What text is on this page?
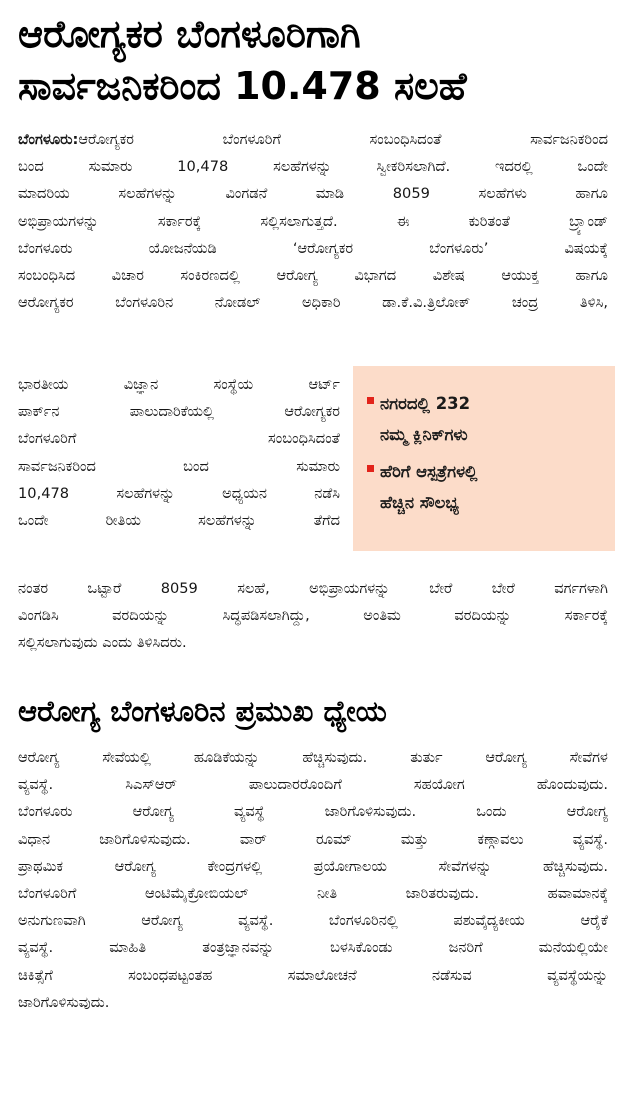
ಆರೋಗ್ಯಕರ ಬೆಂಗಳೂರಿಗಾಗಿ
ಸಾರ್ವಜನಿಕರಿಂದ 10.478 ಸಲಹೆ

ಬೆಂಗಳೂರು:ಆರೋಗ್ಯಕರ ಬೆಂಗಳೂರಿಗೆ ಸಂಬಂಧಿಸಿದಂತೆ ಸಾರ್ವಜನಿಕರಿಂದ

ಬಂದ ಸುಮಾರು 10,478 ಸಲಹೆಗಳನ್ನು ಸ್ವೀಕರಿಸಲಾಗಿದೆ. ಇದರಲ್ಲಿ ಒಂದೇ

ಮಾದರಿಯ ಸಲಹೆಗಳನ್ನು ವಿಂಗಡನೆ ಮಾಡಿ 8059 ಸಲಹೆಗಳು ಹಾಗೂ

ಅಭಿಪ್ರಾಯಗಳನ್ನು ಸರ್ಕಾರಕ್ಕೆ ಸಲ್ಲಿಸಲಾಗುತ್ತದೆ. ಈ ಕುರಿತಂತೆ ಬ್ರ್ಯಾಂಡ್

ಬೆಂಗಳೂರು ಯೋಜನೆಯಡಿ ‘ಆರೋಗ್ಯಕರ ಬೆಂಗಳೂರು’ ವಿಷಯಕ್ಕೆ

ಸಂಬಂಧಿಸಿದ ವಿಚಾರ ಸಂಕಿರಣದಲ್ಲಿ ಆರೋಗ್ಯ ವಿಭಾಗದ ವಿಶೇಷ ಆಯುಕ್ತ ಹಾಗೂ

ಆರೋಗ್ಯಕರ ಬೆಂಗಳೂರಿನ ನೋಡಲ್ ಅಧಿಕಾರಿ ಡಾ.ಕೆ.ವಿ.ತ್ರಿಲೋಕ್ ಚಂದ್ರ ತಿಳಿಸಿ,

ಭಾರತೀಯ ವಿಜ್ಞಾನ ಸಂಸ್ಥೆಯ ಆರ್ಟ್

ಪಾರ್ಕ್‌ನ ಪಾಲುದಾರಿಕೆಯಲ್ಲಿ ಆರೋಗ್ಯಕರ

ಬೆಂಗಳೂರಿಗೆ ಸಂಬಂಧಿಸಿದಂತೆ

ಸಾರ್ವಜನಿಕರಿಂದ ಬಂದ ಸುಮಾರು

10,478 ಸಲಹೆಗಳನ್ನು ಅಧ್ಯಯನ ನಡೆಸಿ

ಒಂದೇ ರೀತಿಯ ಸಲಹೆಗಳನ್ನು ತೆಗೆದ

ನಗರದಲ್ಲಿ 232
ನಮ್ಮ ಕ್ಲಿನಿಕ್‌ಗಳು
ಹೆರಿಗೆ ಆಸ್ಪತ್ರೆಗಳಲ್ಲಿ
ಹೆಚ್ಚಿನ ಸೌಲಭ್ಯ

ನಂತರ ಒಟ್ಟಾರೆ 8059 ಸಲಹೆ, ಅಭಿಪ್ರಾಯಗಳನ್ನು ಬೇರೆ ಬೇರೆ ವರ್ಗಗಳಾಗಿ

ವಿಂಗಡಿಸಿ ವರದಿಯನ್ನು ಸಿದ್ಧಪಡಿಸಲಾಗಿದ್ದು, ಅಂತಿಮ ವರದಿಯನ್ನು ಸರ್ಕಾರಕ್ಕೆ

ಸಲ್ಲಿಸಲಾಗುವುದು ಎಂದು ತಿಳಿಸಿದರು.

ಆರೋಗ್ಯ ಬೆಂಗಳೂರಿನ ಪ್ರಮುಖ ಧ್ಯೇಯ

ಆರೋಗ್ಯ ಸೇವೆಯಲ್ಲಿ ಹೂಡಿಕೆಯನ್ನು ಹೆಚ್ಚಿಸುವುದು. ತುರ್ತು ಆರೋಗ್ಯ ಸೇವೆಗಳ

ವ್ಯವಸ್ಥೆ. ಸಿಎಸ್ಆರ್ ಪಾಲುದಾರರೊಂದಿಗೆ ಸಹಯೋಗ ಹೊಂದುವುದು.

ಬೆಂಗಳೂರು ಆರೋಗ್ಯ ವ್ಯವಸ್ಥೆ ಜಾರಿಗೊಳಿಸುವುದು. ಒಂದು ಆರೋಗ್ಯ

ವಿಧಾನ ಜಾರಿಗೊಳಿಸುವುದು. ವಾರ್ ರೂಮ್ ಮತ್ತು ಕಣ್ಗಾವಲು ವ್ಯವಸ್ಥೆ.

ಪ್ರಾಥಮಿಕ ಆರೋಗ್ಯ ಕೇಂದ್ರಗಳಲ್ಲಿ ಪ್ರಯೋಗಾಲಯ ಸೇವೆಗಳನ್ನು ಹೆಚ್ಚಿಸುವುದು.

ಬೆಂಗಳೂರಿಗೆ ಆಂಟಿಮೈಕ್ರೋಬಿಯಲ್ ನೀತಿ ಜಾರಿತರುವುದು. ಹವಾಮಾನಕ್ಕೆ

ಅನುಗುಣವಾಗಿ ಆರೋಗ್ಯ ವ್ಯವಸ್ಥೆ. ಬೆಂಗಳೂರಿನಲ್ಲಿ ಪಶುವೈದ್ಯಕೀಯ ಆರೈಕೆ

ವ್ಯವಸ್ಥೆ. ಮಾಹಿತಿ ತಂತ್ರಜ್ಞಾನವನ್ನು ಬಳಸಿಕೊಂಡು ಜನರಿಗೆ ಮನೆಯಲ್ಲಿಯೇ

ಚಿಕಿತ್ಸೆಗೆ ಸಂಬಂಧಪಟ್ಟಂತಹ ಸಮಾಲೋಚನೆ ನಡೆಸುವ ವ್ಯವಸ್ಥೆಯನ್ನು

ಜಾರಿಗೊಳಿಸುವುದು.
